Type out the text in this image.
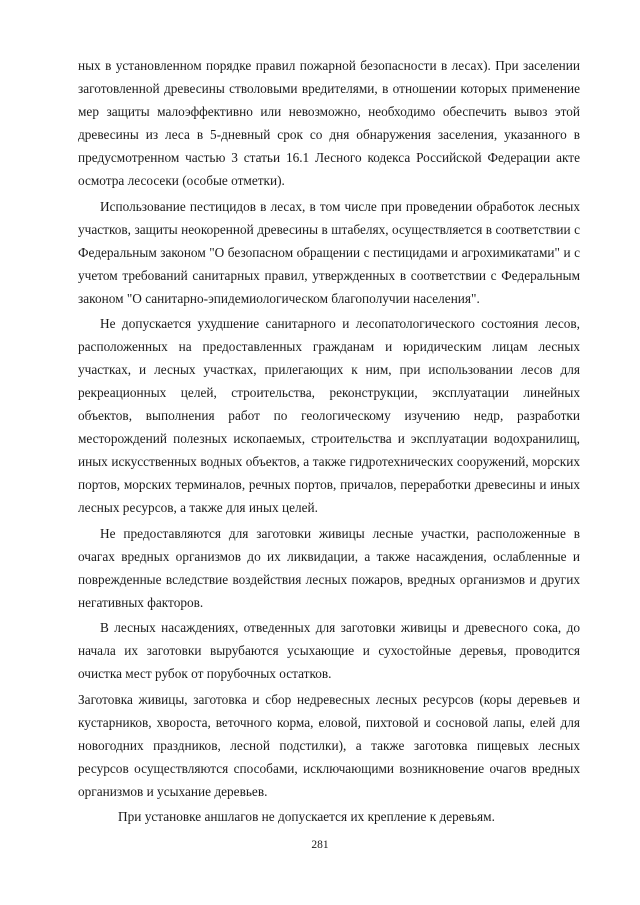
ных в установленном порядке правил пожарной безопасности в лесах). При заселении заготовленной древесины стволовыми вредителями, в отношении которых применение мер защиты малоэффективно или невозможно, необходимо обеспечить вывоз этой древесины из леса в 5-дневный срок со дня обнаружения заселения, указанного в предусмотренном частью 3 статьи 16.1 Лесного кодекса Российской Федерации акте осмотра лесосеки (особые отметки).

Использование пестицидов в лесах, в том числе при проведении обработок лесных участков, защиты неокоренной древесины в штабелях, осуществляется в соответствии с Федеральным законом "О безопасном обращении с пестицидами и агрохимикатами" и с учетом требований санитарных правил, утвержденных в соответствии с Федеральным законом "О санитарно-эпидемиологическом благополучии населения".

Не допускается ухудшение санитарного и лесопатологического состояния лесов, расположенных на предоставленных гражданам и юридическим лицам лесных участках, и лесных участках, прилегающих к ним, при использовании лесов для рекреационных целей, строительства, реконструкции, эксплуатации линейных объектов, выполнения работ по геологическому изучению недр, разработки месторождений полезных ископаемых, строительства и эксплуатации водохранилищ, иных искусственных водных объектов, а также гидротехнических сооружений, морских портов, морских терминалов, речных портов, причалов, переработки древесины и иных лесных ресурсов, а также для иных целей.

Не предоставляются для заготовки живицы лесные участки, расположенные в очагах вредных организмов до их ликвидации, а также насаждения, ослабленные и поврежденные вследствие воздействия лесных пожаров, вредных организмов и других негативных факторов.

В лесных насаждениях, отведенных для заготовки живицы и древесного сока, до начала их заготовки вырубаются усыхающие и сухостойные деревья, проводится очистка мест рубок от порубочных остатков.

Заготовка живицы, заготовка и сбор недревесных лесных ресурсов (коры деревьев и кустарников, хвороста, веточного корма, еловой, пихтовой и сосновой лапы, елей для новогодних праздников, лесной подстилки), а также заготовка пищевых лесных ресурсов осуществляются способами, исключающими возникновение очагов вредных организмов и усыхание деревьев.

При установке аншлагов не допускается их крепление к деревьям.

281
